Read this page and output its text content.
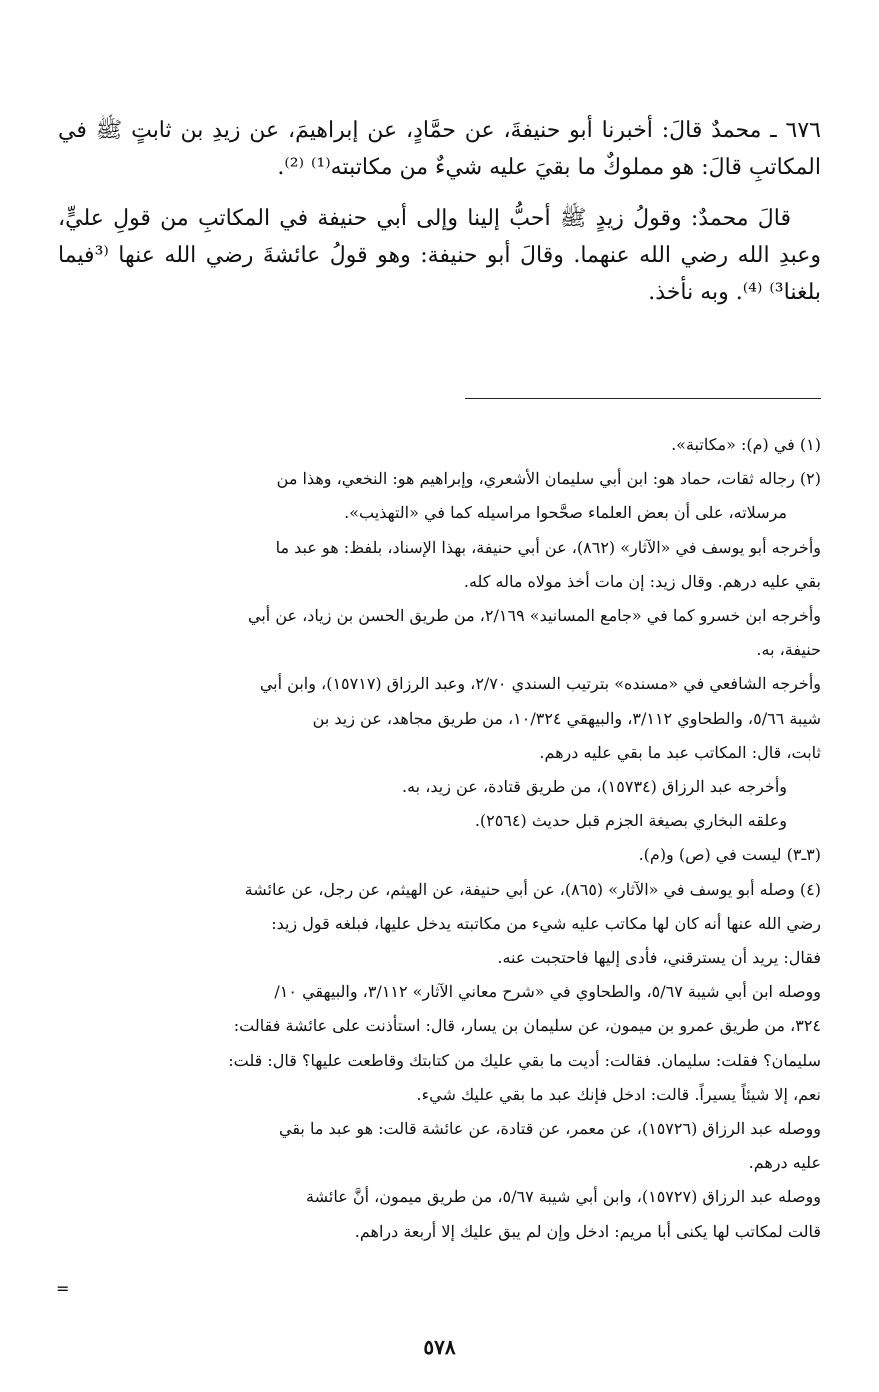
٦٧٦ ـ محمدٌ قالَ: أخبرنا أبو حنيفةَ، عن حمَّادٍ، عن إبراهيمَ، عن زيدِ بن ثابتٍ ﷺ في المكاتبِ قالَ: هو مملوكٌ ما بقيَ عليه شيءٌ من مكاتبته⁽¹⁾ ⁽²⁾.

قالَ محمدٌ: وقولُ زيدٍ ﷺ أحبُّ إلينا وإلى أبي حنيفة في المكاتبِ من قولِ عليٍّ، وعبدِ الله رضي الله عنهما. وقالَ أبو حنيفة: وهو قولُ عائشةَ رضي الله عنها ⁽³فيما بلغنا³⁾ ⁽⁴⁾. وبه نأخذ.

(١) في (م): «مكاتبة».

(٢) رجاله ثقات، حماد هو: ابن أبي سليمان الأشعري، وإبراهيم هو: النخعي، وهذا من

مرسلاته، على أن بعض العلماء صحَّحوا مراسيله كما في «التهذيب».

وأخرجه أبو يوسف في «الآثار» (٨٦٢)، عن أبي حنيفة، بهذا الإسناد، بلفظ: هو عبد ما

بقي عليه درهم. وقال زيد: إن مات أخذ مولاه ماله كله.

وأخرجه ابن خسرو كما في «جامع المسانيد» ٢/١٦٩، من طريق الحسن بن زياد، عن أبي

حنيفة، به.

وأخرجه الشافعي في «مسنده» بترتيب السندي ٢/٧٠، وعبد الرزاق (١٥٧١٧)، وابن أبي

شيبة ٥/٦٦، والطحاوي ٣/١١٢، والبيهقي ١٠/٣٢٤، من طريق مجاهد، عن زيد بن

ثابت، قال: المكاتب عبد ما بقي عليه درهم.

وأخرجه عبد الرزاق (١٥٧٣٤)، من طريق قتادة، عن زيد، به.

وعلقه البخاري بصيغة الجزم قبل حديث (٢٥٦٤).

(٣ـ٣) ليست في (ص) و(م).

(٤) وصله أبو يوسف في «الآثار» (٨٦٥)، عن أبي حنيفة، عن الهيثم، عن رجل، عن عائشة

رضي الله عنها أنه كان لها مكاتب عليه شيء من مكاتبته يدخل عليها، فبلغه قول زيد:

فقال: يريد أن يسترقني، فأدى إليها فاحتجبت عنه.

ووصله ابن أبي شيبة ٥/٦٧، والطحاوي في «شرح معاني الآثار» ٣/١١٢، والبيهقي ١٠/

٣٢٤، من طريق عمرو بن ميمون، عن سليمان بن يسار، قال: استأذنت على عائشة فقالت:

سليمان؟ فقلت: سليمان. فقالت: أديت ما بقي عليك من كتابتك وقاطعت عليها؟ قال: قلت:

نعم، إلا شيئاً يسيراً. قالت: ادخل فإنك عبد ما بقي عليك شيء.

ووصله عبد الرزاق (١٥٧٢٦)، عن معمر، عن قتادة، عن عائشة قالت: هو عبد ما بقي

عليه درهم.

ووصله عبد الرزاق (١٥٧٢٧)، وابن أبي شيبة ٥/٦٧، من طريق ميمون، أنَّ عائشة

قالت لمكاتب لها يكنى أبا مريم: ادخل وإن لم يبق عليك إلا أربعة دراهم.

=
٥٧٨
